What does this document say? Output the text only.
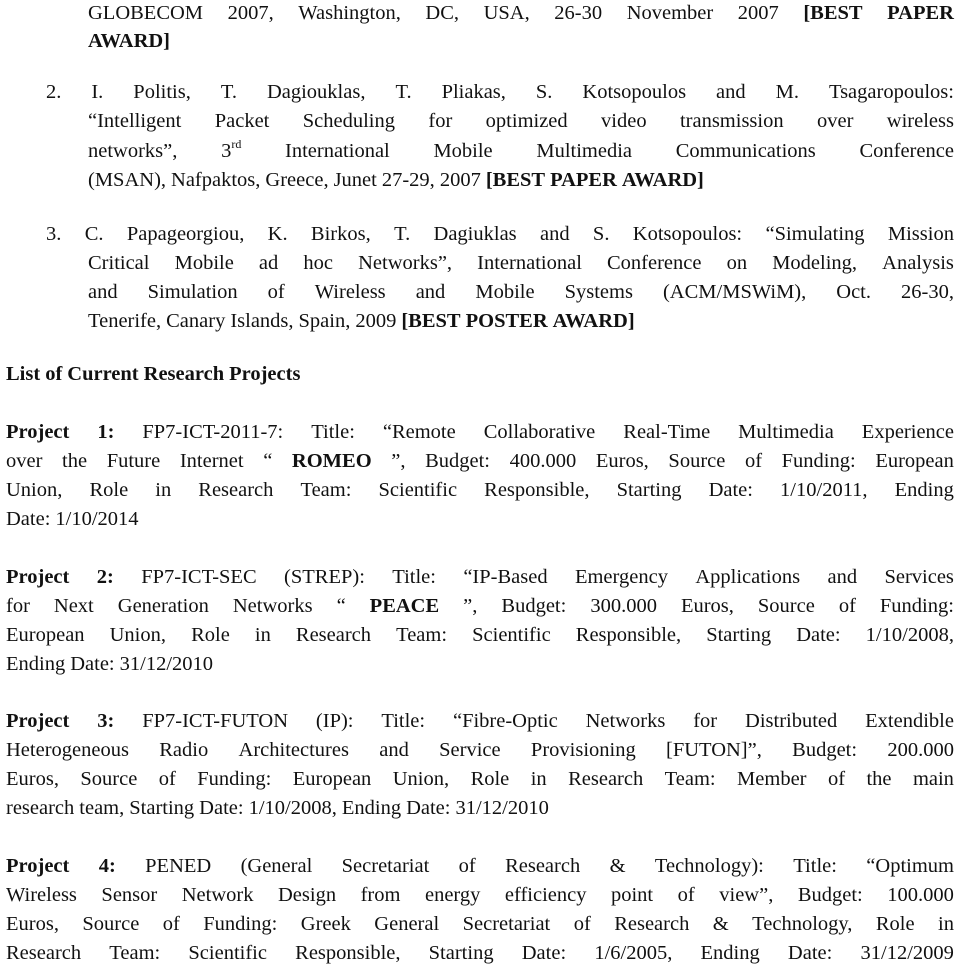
GLOBECOM 2007, Washington, DC, USA, 26-30 November 2007 [BEST PAPER
AWARD]
2. I. Politis, T. Dagiouklas, T. Pliakas, S. Kotsopoulos and M. Tsagaropoulos:
“Intelligent Packet Scheduling for optimized video transmission over wireless
networks”, 3rd International Mobile Multimedia Communications Conference
(MSAN), Nafpaktos, Greece, Junet 27-29, 2007 [BEST PAPER AWARD]
3. C. Papageorgiou, K. Birkos, T. Dagiuklas and S. Kotsopoulos: “Simulating Mission
Critical Mobile ad hoc Networks”, International Conference on Modeling, Analysis
and Simulation of Wireless and Mobile Systems (ACM/MSWiM), Oct. 26-30,
Tenerife, Canary Islands, Spain, 2009 [BEST POSTER AWARD]
List of Current Research Projects
Project 1: FP7-ICT-2011-7: Title: “Remote Collaborative Real-Time Multimedia Experience
over the Future Internet “ ROMEO ”, Budget: 400.000 Euros, Source of Funding: European
Union, Role in Research Team: Scientific Responsible, Starting Date: 1/10/2011, Ending
Date: 1/10/2014
Project 2: FP7-ICT-SEC (STREP): Title: “IP-Based Emergency Applications and Services
for Next Generation Networks “ PEACE ”, Budget: 300.000 Euros, Source of Funding:
European Union, Role in Research Team: Scientific Responsible, Starting Date: 1/10/2008,
Ending Date: 31/12/2010
Project 3: FP7-ICT-FUTON (IP): Title: “Fibre-Optic Networks for Distributed Extendible
Heterogeneous Radio Architectures and Service Provisioning [FUTON]”, Budget: 200.000
Euros, Source of Funding: European Union, Role in Research Team: Member of the main
research team, Starting Date: 1/10/2008, Ending Date: 31/12/2010
Project 4: PENED (General Secretariat of Research & Technology): Title: “Optimum
Wireless Sensor Network Design from energy efficiency point of view”, Budget: 100.000
Euros, Source of Funding: Greek General Secretariat of Research & Technology, Role in
Research Team: Scientific Responsible, Starting Date: 1/6/2005, Ending Date: 31/12/2009
